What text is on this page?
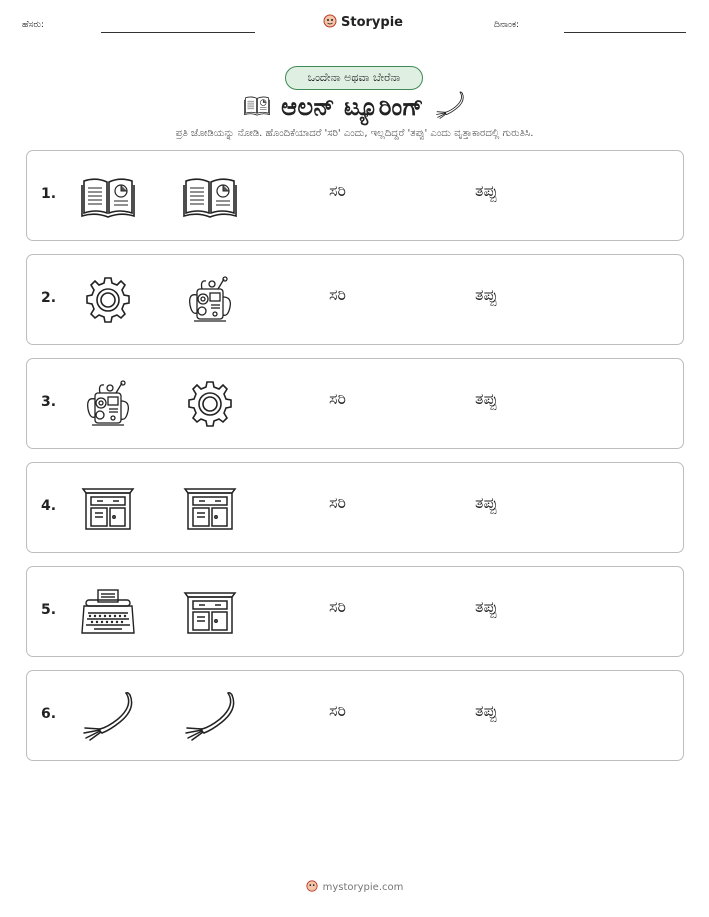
ಹೆಸರು:	Storypie	ದಿನಾಂಕ:
ಒಂದೇನಾ ಅಥವಾ ಬೇರೆನಾ
ಆಲನ್ ಟ್ಯೂರಿಂಗ್
ಪ್ರತಿ ಜೋಡಿಯನ್ನು ನೋಡಿ. ಹೊಂದಿಕೆಯಾದರೆ 'ಸರಿ' ಎಂದು, ಇಲ್ಲದಿದ್ದರೆ 'ತಪ್ಪು' ಎಂದು ವೃತ್ತಾಕಾರದಲ್ಲಿ ಗುರುತಿಸಿ.
1.	ಸರಿ	ತಪ್ಪು
2.	ಸರಿ	ತಪ್ಪು
3.	ಸರಿ	ತಪ್ಪು
4.	ಸರಿ	ತಪ್ಪು
5.	ಸರಿ	ತಪ್ಪು
6.	ಸರಿ	ತಪ್ಪು
mystorypie.com
